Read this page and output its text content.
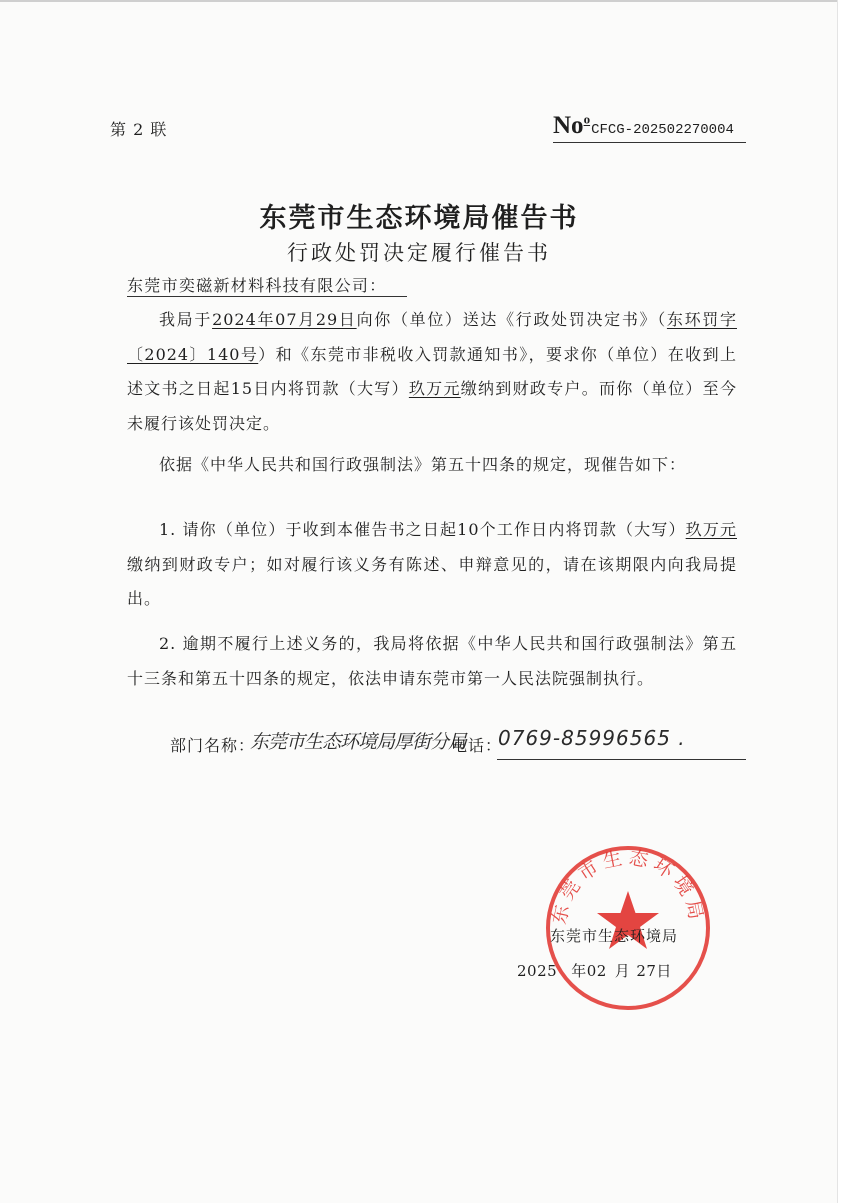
第 2 联	No$^o$CFCG-202502270004
东莞市生态环境局催告书
行政处罚决定履行催告书
东莞市奕磁新材料科技有限公司：

我局于2024年07月29日向你（单位）送达《行政处罚决定书》（东环罚字〔2024〕140号）和《东莞市非税收入罚款通知书》，要求你（单位）在收到上述文书之日起15日内将罚款（大写）玖万元缴纳到财政专户。而你（单位）至今未履行该处罚决定。

依据《中华人民共和国行政强制法》第五十四条的规定，现催告如下：

1. 请你（单位）于收到本催告书之日起10个工作日内将罚款（大写）玖万元缴纳到财政专户；如对履行该义务有陈述、申辩意见的，请在该期限内向我局提出。

2. 逾期不履行上述义务的，我局将依据《中华人民共和国行政强制法》第五十三条和第五十四条的规定，依法申请东莞市第一人民法院强制执行。

部门名称：
东莞市生态环境局厚街分局
电话：
0769-85996565 .
东莞市生态环境局
东莞市生态环境局
2025 年02 月 27日
